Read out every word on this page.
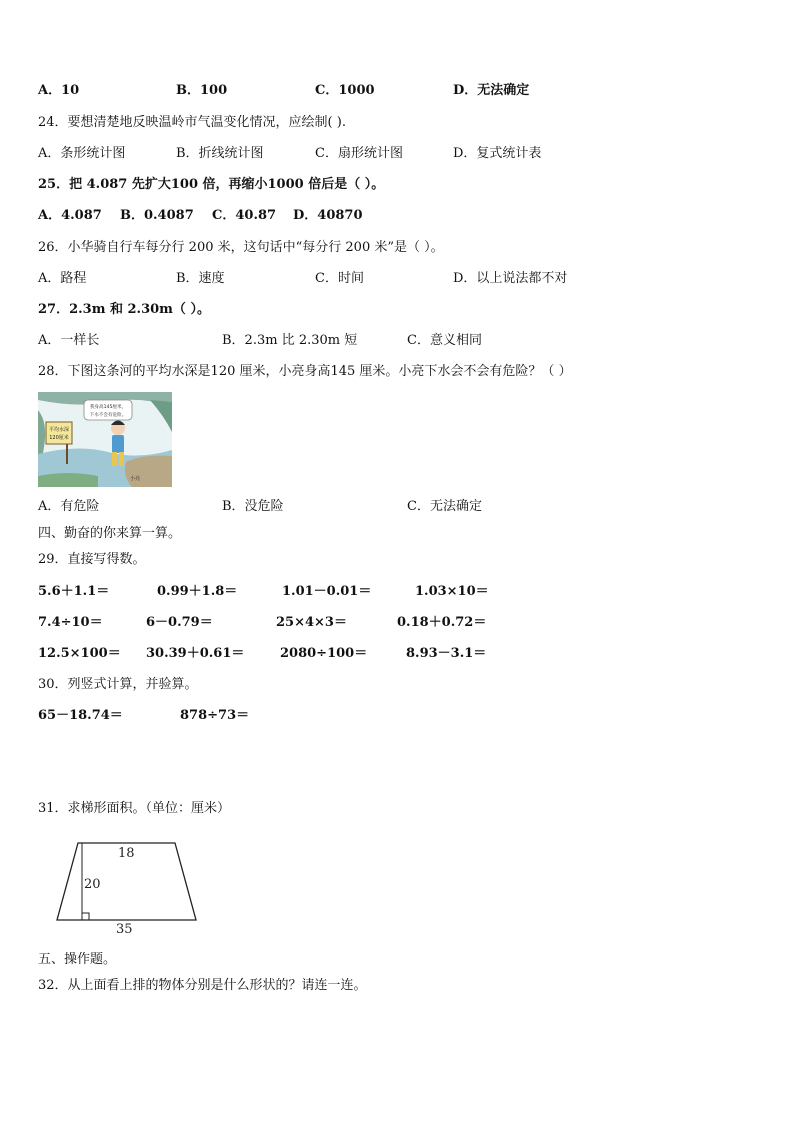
A．10	B．100	C．1000	D．无法确定
24．要想清楚地反映温岭市气温变化情况，应绘制( ).
A．条形统计图	B．折线统计图	C．扇形统计图	D．复式统计表
25．把 4.087 先扩大100 倍，再缩小1000 倍后是（ ）。
A．4.087 B．0.4087 C．40.87 D．40870
26．小华骑自行车每分行 200 米，这句话中“每分行 200 米”是（ ）。
A．路程	B．速度	C．时间	D．以上说法都不对
27．2.3m 和 2.30m（ ）。
A．一样长	B．2.3m 比 2.30m 短	C．意义相同
28．下图这条河的平均水深是120 厘米，小亮身高145 厘米。小亮下水会不会有危险？（ ）
平均水深
120厘米
我身高145厘米，
下水不会有危险。
小亮
A．有危险	B．没危险	C．无法确定
四、勤奋的你来算一算。
29．直接写得数。
5.6＋1.1＝	0.99＋1.8＝	1.01－0.01＝	1.03×10＝
7.4÷10＝	6－0.79＝	25×4×3＝	0.18＋0.72＝
12.5×100＝ 30.39＋0.61＝	2080÷100＝	8.93－3.1＝
30．列竖式计算，并验算。
65－18.74＝	878÷73＝
31．求梯形面积。（单位：厘米）
18
20
35
五、操作题。
32．从上面看上排的物体分别是什么形状的？请连一连。
